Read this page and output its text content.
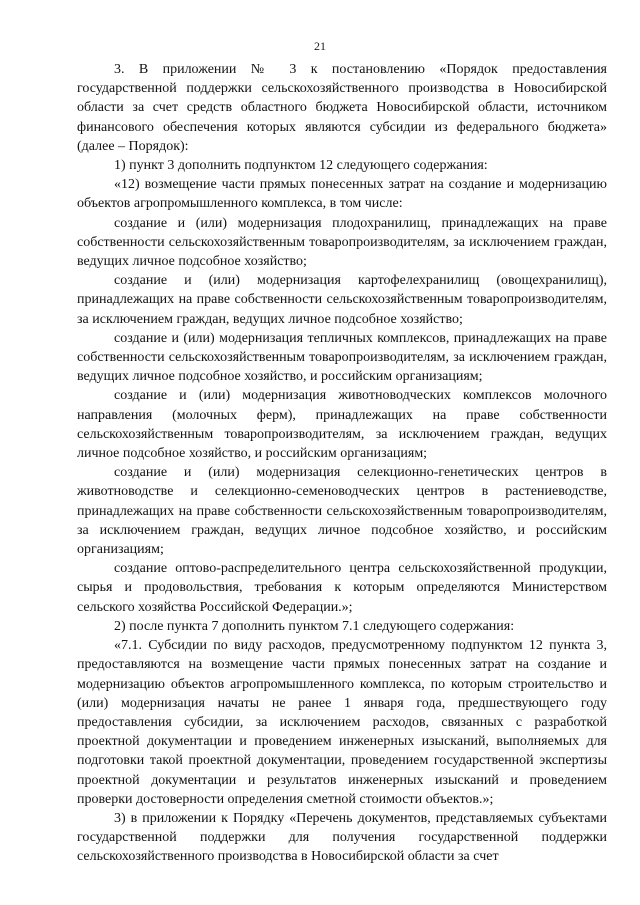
21

3. В приложении № 3 к постановлению «Порядок предоставления государственной поддержки сельскохозяйственного производства в Новосибирской области за счет средств областного бюджета Новосибирской области, источником финансового обеспечения которых являются субсидии из федерального бюджета» (далее – Порядок):

1) пункт 3 дополнить подпунктом 12 следующего содержания:

«12) возмещение части прямых понесенных затрат на создание и модернизацию объектов агропромышленного комплекса, в том числе:

создание и (или) модернизация плодохранилищ, принадлежащих на праве собственности сельскохозяйственным товаропроизводителям, за исключением граждан, ведущих личное подсобное хозяйство;

создание и (или) модернизация картофелехранилищ (овощехранилищ), принадлежащих на праве собственности сельскохозяйственным товаропроизводителям, за исключением граждан, ведущих личное подсобное хозяйство;

создание и (или) модернизация тепличных комплексов, принадлежащих на праве собственности сельскохозяйственным товаропроизводителям, за исключением граждан, ведущих личное подсобное хозяйство, и российским организациям;

создание и (или) модернизация животноводческих комплексов молочного направления (молочных ферм), принадлежащих на праве собственности сельскохозяйственным товаропроизводителям, за исключением граждан, ведущих личное подсобное хозяйство, и российским организациям;

создание и (или) модернизация селекционно-генетических центров в животноводстве и селекционно-семеноводческих центров в растениеводстве, принадлежащих на праве собственности сельскохозяйственным товаропроизводителям, за исключением граждан, ведущих личное подсобное хозяйство, и российским организациям;

создание оптово-распределительного центра сельскохозяйственной продукции, сырья и продовольствия, требования к которым определяются Министерством сельского хозяйства Российской Федерации.»;

2) после пункта 7 дополнить пунктом 7.1 следующего содержания:

«7.1. Субсидии по виду расходов, предусмотренному подпунктом 12 пункта 3, предоставляются на возмещение части прямых понесенных затрат на создание и модернизацию объектов агропромышленного комплекса, по которым строительство и (или) модернизация начаты не ранее 1 января года, предшествующего году предоставления субсидии, за исключением расходов, связанных с разработкой проектной документации и проведением инженерных изысканий, выполняемых для подготовки такой проектной документации, проведением государственной экспертизы проектной документации и результатов инженерных изысканий и проведением проверки достоверности определения сметной стоимости объектов.»;

3) в приложении к Порядку «Перечень документов, представляемых субъектами государственной поддержки для получения государственной поддержки сельскохозяйственного производства в Новосибирской области за счет
